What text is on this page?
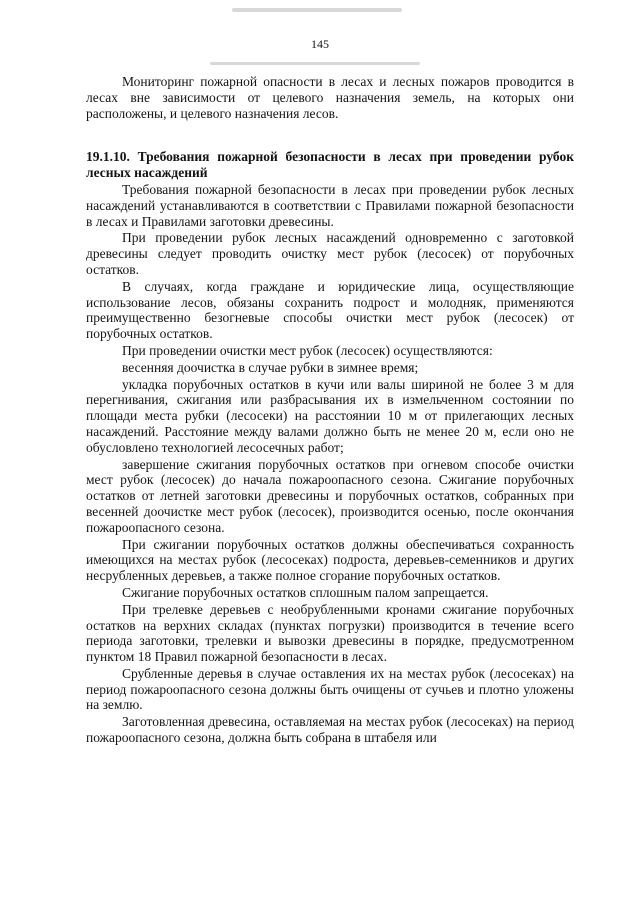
145

Мониторинг пожарной опасности в лесах и лесных пожаров проводится в лесах вне зависимости от целевого назначения земель, на которых они расположены, и целевого назначения лесов.

19.1.10. Требования пожарной безопасности в лесах при проведении рубок лесных насаждений

Требования пожарной безопасности в лесах при проведении рубок лесных насаждений устанавливаются в соответствии с Правилами пожарной безопасности в лесах и Правилами заготовки древесины.

При проведении рубок лесных насаждений одновременно с заготовкой древесины следует проводить очистку мест рубок (лесосек) от порубочных остатков.

В случаях, когда граждане и юридические лица, осуществляющие использование лесов, обязаны сохранить подрост и молодняк, применяются преимущественно безогневые способы очистки мест рубок (лесосек) от порубочных остатков.

При проведении очистки мест рубок (лесосек) осуществляются:

весенняя доочистка в случае рубки в зимнее время;

укладка порубочных остатков в кучи или валы шириной не более 3 м для перегнивания, сжигания или разбрасывания их в измельченном состоянии по площади места рубки (лесосеки) на расстоянии 10 м от прилегающих лесных насаждений. Расстояние между валами должно быть не менее 20 м, если оно не обусловлено технологией лесосечных работ;

завершение сжигания порубочных остатков при огневом способе очистки мест рубок (лесосек) до начала пожароопасного сезона. Сжигание порубочных остатков от летней заготовки древесины и порубочных остатков, собранных при весенней доочистке мест рубок (лесосек), производится осенью, после окончания пожароопасного сезона.

При сжигании порубочных остатков должны обеспечиваться сохранность имеющихся на местах рубок (лесосеках) подроста, деревьев-семенников и других несрубленных деревьев, а также полное сгорание порубочных остатков.

Сжигание порубочных остатков сплошным палом запрещается.

При трелевке деревьев с необрубленными кронами сжигание порубочных остатков на верхних складах (пунктах погрузки) производится в течение всего периода заготовки, трелевки и вывозки древесины в порядке, предусмотренном пунктом 18 Правил пожарной безопасности в лесах.

Срубленные деревья в случае оставления их на местах рубок (лесосеках) на период пожароопасного сезона должны быть очищены от сучьев и плотно уложены на землю.

Заготовленная древесина, оставляемая на местах рубок (лесосеках) на период пожароопасного сезона, должна быть собрана в штабеля или
